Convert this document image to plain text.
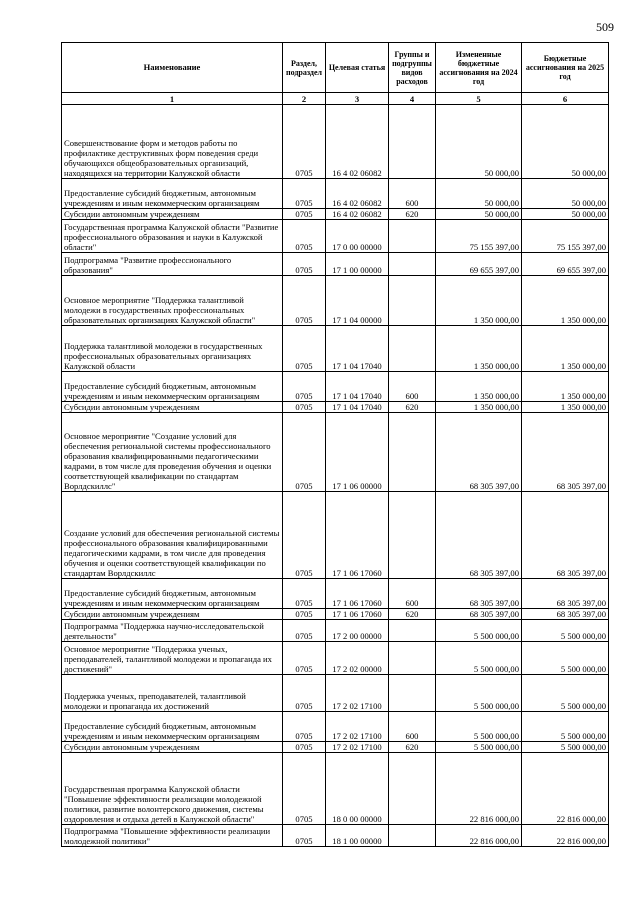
509
Наименование	Раздел, подраздел	Целевая статья	Группы и подгруппы видов расходов	Измененные бюджетные ассигнования на 2024 год	Бюджетные ассигнования на 2025 год
1	2	3	4	5	6
Совершенствование форм и методов работы по профилактике деструктивных форм поведения среди обучающихся общеобразовательных организаций, находящихся на территории Калужской области	0705	16 4 02 06082		50 000,00	50 000,00
Предоставление субсидий бюджетным, автономным учреждениям и иным некоммерческим организациям	0705	16 4 02 06082	600	50 000,00	50 000,00
Субсидии автономным учреждениям	0705	16 4 02 06082	620	50 000,00	50 000,00
Государственная программа Калужской области "Развитие профессионального образования и науки в Калужской области"	0705	17 0 00 00000		75 155 397,00	75 155 397,00
Подпрограмма "Развитие профессионального образования"	0705	17 1 00 00000		69 655 397,00	69 655 397,00
Основное мероприятие "Поддержка талантливой молодежи в государственных профессиональных образовательных организациях Калужской области"	0705	17 1 04 00000		1 350 000,00	1 350 000,00
Поддержка талантливой молодежи в государственных профессиональных образовательных организациях Калужской области	0705	17 1 04 17040		1 350 000,00	1 350 000,00
Предоставление субсидий бюджетным, автономным учреждениям и иным некоммерческим организациям	0705	17 1 04 17040	600	1 350 000,00	1 350 000,00
Субсидии автономным учреждениям	0705	17 1 04 17040	620	1 350 000,00	1 350 000,00
Основное мероприятие "Создание условий для обеспечения региональной системы профессионального образования квалифицированными педагогическими кадрами, в том числе для проведения обучения и оценки соответствующей квалификации по стандартам Ворлдскиллс"	0705	17 1 06 00000		68 305 397,00	68 305 397,00
Создание условий для обеспечения региональной системы профессионального образования квалифицированными педагогическими кадрами, в том числе для проведения обучения и оценки соответствующей квалификации по стандартам Ворлдскиллс	0705	17 1 06 17060		68 305 397,00	68 305 397,00
Предоставление субсидий бюджетным, автономным учреждениям и иным некоммерческим организациям	0705	17 1 06 17060	600	68 305 397,00	68 305 397,00
Субсидии автономным учреждениям	0705	17 1 06 17060	620	68 305 397,00	68 305 397,00
Подпрограмма "Поддержка научно-исследовательской деятельности"	0705	17 2 00 00000		5 500 000,00	5 500 000,00
Основное мероприятие "Поддержка ученых, преподавателей, талантливой молодежи и пропаганда их достижений"	0705	17 2 02 00000		5 500 000,00	5 500 000,00
Поддержка ученых, преподавателей, талантливой молодежи и пропаганда их достижений	0705	17 2 02 17100		5 500 000,00	5 500 000,00
Предоставление субсидий бюджетным, автономным учреждениям и иным некоммерческим организациям	0705	17 2 02 17100	600	5 500 000,00	5 500 000,00
Субсидии автономным учреждениям	0705	17 2 02 17100	620	5 500 000,00	5 500 000,00
Государственная программа Калужской области "Повышение эффективности реализации молодежной политики, развитие волонтерского движения, системы оздоровления и отдыха детей в Калужской области"	0705	18 0 00 00000		22 816 000,00	22 816 000,00
Подпрограмма "Повышение эффективности реализации молодежной политики"	0705	18 1 00 00000		22 816 000,00	22 816 000,00
